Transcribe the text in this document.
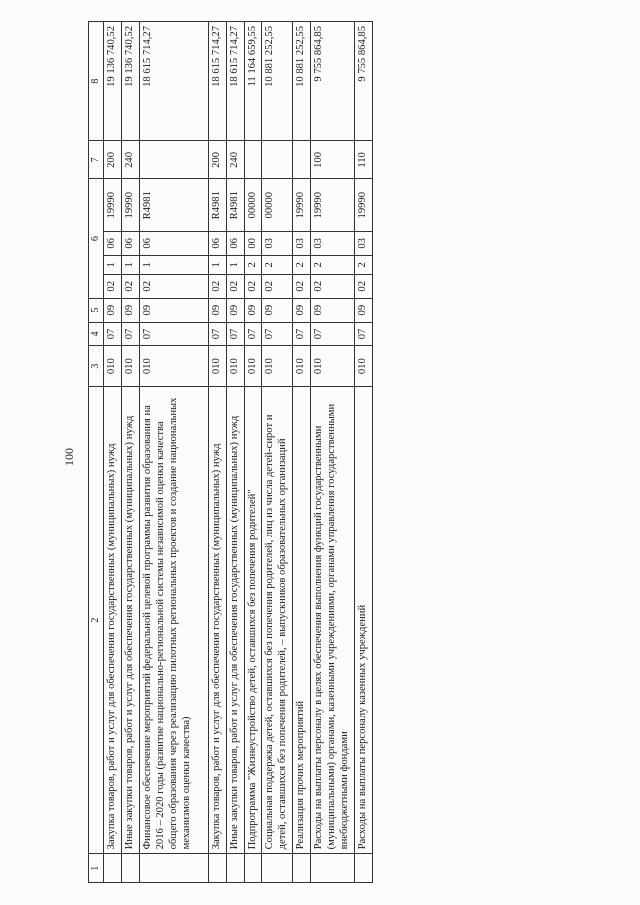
100
1	2	3	4	5	6				7	8
	Закупка товаров, работ и услуг для обеспечения государственных (муниципальных) нужд	010	07	09	02	1	06	19990	200	19 136 740,52
	Иные закупки товаров, работ и услуг для обеспечения государственных (муниципальных) нужд	010	07	09	02	1	06	19990	240	19 136 740,52
	Финансовое обеспечение мероприятий федеральной целевой программы развития образования на 2016 – 2020 годы (развитие национально-региональной системы независимой оценки качества общего образования через реализацию пилотных региональных проектов и создание национальных механизмов оценки качества)	010	07	09	02	1	06	R4981		18 615 714,27
	Закупка товаров, работ и услуг для обеспечения государственных (муниципальных) нужд	010	07	09	02	1	06	R4981	200	18 615 714,27
	Иные закупки товаров, работ и услуг для обеспечения государственных (муниципальных) нужд	010	07	09	02	1	06	R4981	240	18 615 714,27
	Подпрограмма "Жизнеустройство детей, оставшихся без попечения родителей"	010	07	09	02	2	00	00000		11 164 659,55
	Социальная поддержка детей, оставшихся без попечения родителей, лиц из числа детей-сирот и детей, оставшихся без попечения родителей, – выпускников образовательных организаций	010	07	09	02	2	03	00000		10 881 252,55
	Реализация прочих мероприятий	010	07	09	02	2	03	19990		10 881 252,55
	Расходы на выплаты персоналу в целях обеспечения выполнения функций государственными (муниципальными) органами, казенными учреждениями, органами управления государственными внебюджетными фондами	010	07	09	02	2	03	19990	100	9 755 864,85
	Расходы на выплаты персоналу казенных учреждений	010	07	09	02	2	03	19990	110	9 755 864,85
